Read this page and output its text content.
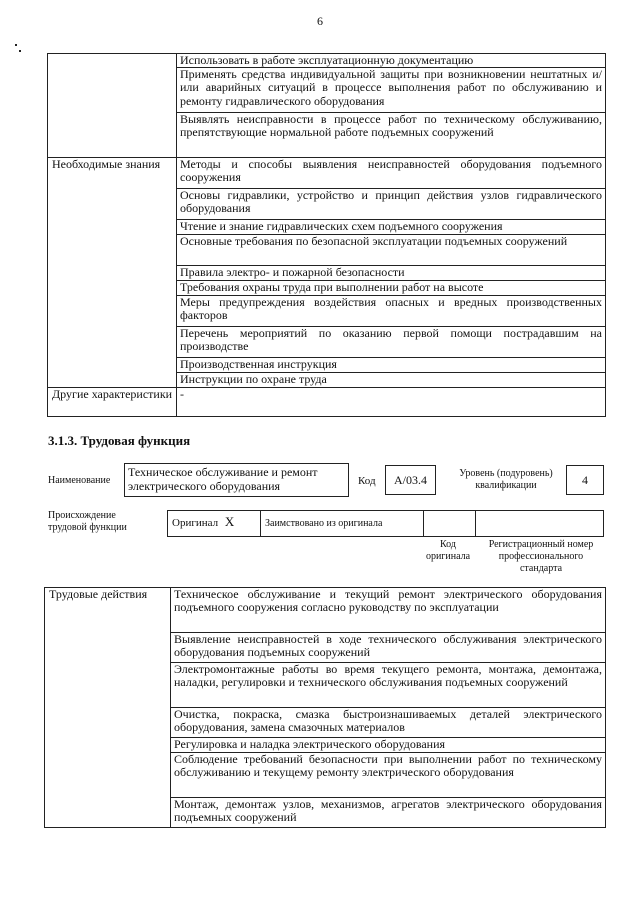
6
	Использовать в работе эксплуатационную документацию
	Применять средства индивидуальной защиты при возникновении нештатных и/или аварийных ситуаций в процессе выполнения работ по обслуживанию и ремонту гидравлического оборудования
	Выявлять неисправности в процессе работ по техническому обслуживанию, препятствующие нормальной работе подъемных сооружений
Необходимые знания	Методы и способы выявления неисправностей оборудования подъемного сооружения
	Основы гидравлики, устройство и принцип действия узлов гидравлического оборудования
	Чтение и знание гидравлических схем подъемного сооружения
	Основные требования по безопасной эксплуатации подъемных сооружений
	Правила электро- и пожарной безопасности
	Требования охраны труда при выполнении работ на высоте
	Меры предупреждения воздействия опасных и вредных производственных факторов
	Перечень мероприятий по оказанию первой помощи пострадавшим на производстве
	Производственная инструкция
	Инструкции по охране труда
Другие характеристики	-
3.1.3. Трудовая функция
Наименование
Техническое обслуживание и ремонт электрического оборудования	Код	А/03.4	Уровень (подуровень) квалификации	4
Происхождение трудовой функции	Оригинал X	Заимствовано из оригинала
Код оригинала
Регистрационный номер профессионального стандарта
Трудовые действия	Техническое обслуживание и текущий ремонт электрического оборудования подъемного сооружения согласно руководству по эксплуатации
Выявление неисправностей в ходе технического обслуживания электрического оборудования подъемных сооружений
Электромонтажные работы во время текущего ремонта, монтажа, демонтажа, наладки, регулировки и технического обслуживания подъемных сооружений
Очистка, покраска, смазка быстроизнашиваемых деталей электрического оборудования, замена смазочных материалов
Регулировка и наладка электрического оборудования
Соблюдение требований безопасности при выполнении работ по техническому обслуживанию и текущему ремонту электрического оборудования
Монтаж, демонтаж узлов, механизмов, агрегатов электрического оборудования подъемных сооружений
